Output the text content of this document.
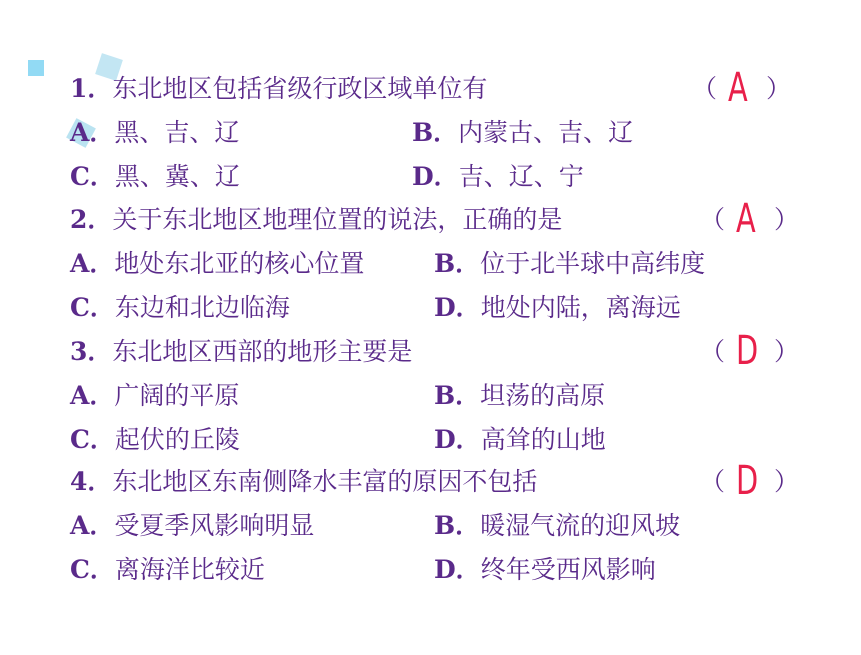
1．东北地区包括省级行政区域单位有	（ A ）
A．黑、吉、辽	B．内蒙古、吉、辽
C．黑、冀、辽	D．吉、辽、宁
2．关于东北地区地理位置的说法，正确的是	（ A ）
A．地处东北亚的核心位置	B．位于北半球中高纬度
C．东边和北边临海	D．地处内陆，离海远
3．东北地区西部的地形主要是	（ D ）
A．广阔的平原	B．坦荡的高原
C．起伏的丘陵	D．高耸的山地
4．东北地区东南侧降水丰富的原因不包括	（ D ）
A．受夏季风影响明显	B．暖湿气流的迎风坡
C．离海洋比较近	D．终年受西风影响
